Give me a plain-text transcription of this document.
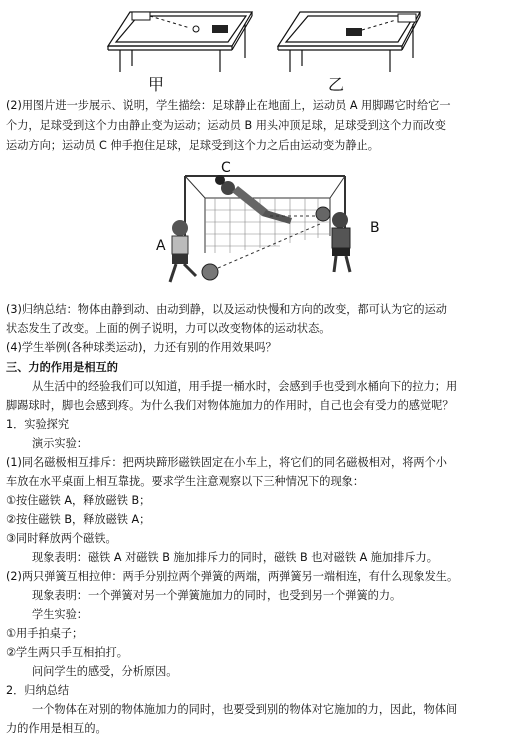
甲	乙
(2)用图片进一步展示、说明，学生描绘：足球静止在地面上，运动员 A 用脚踢它时给它一
个力，足球受到这个力由静止变为运动；运动员 B 用头冲顶足球，足球受到这个力而改变
运动方向；运动员 C 伸手抱住足球，足球受到这个力之后由运动变为静止。
C
A
B
(3)归纳总结：物体由静到动、由动到静，以及运动快慢和方向的改变，都可认为它的运动
状态发生了改变。上面的例子说明，力可以改变物体的运动状态。
(4)学生举例(各种球类运动)，力还有别的作用效果吗？
三、力的作用是相互的
从生活中的经验我们可以知道，用手提一桶水时，会感到手也受到水桶向下的拉力；用
脚踢球时，脚也会感到疼。为什么我们对物体施加力的作用时，自己也会有受力的感觉呢？
1．实验探究
演示实验：
(1)同名磁极相互排斥：把两块蹄形磁铁固定在小车上，将它们的同名磁极相对，将两个小
车放在水平桌面上相互靠拢。要求学生注意观察以下三种情况下的现象：
①按住磁铁 A，释放磁铁 B；
②按住磁铁 B，释放磁铁 A；
③同时释放两个磁铁。
现象表明：磁铁 A 对磁铁 B 施加排斥力的同时，磁铁 B 也对磁铁 A 施加排斥力。
(2)两只弹簧互相拉伸：两手分别拉两个弹簧的两端，两弹簧另一端相连，有什么现象发生。
现象表明：一个弹簧对另一个弹簧施加力的同时，也受到另一个弹簧的力。
学生实验：
①用手拍桌子；
②学生两只手互相拍打。
问问学生的感受，分析原因。
2．归纳总结
一个物体在对别的物体施加力的同时，也要受到别的物体对它施加的力，因此，物体间
力的作用是相互的。
